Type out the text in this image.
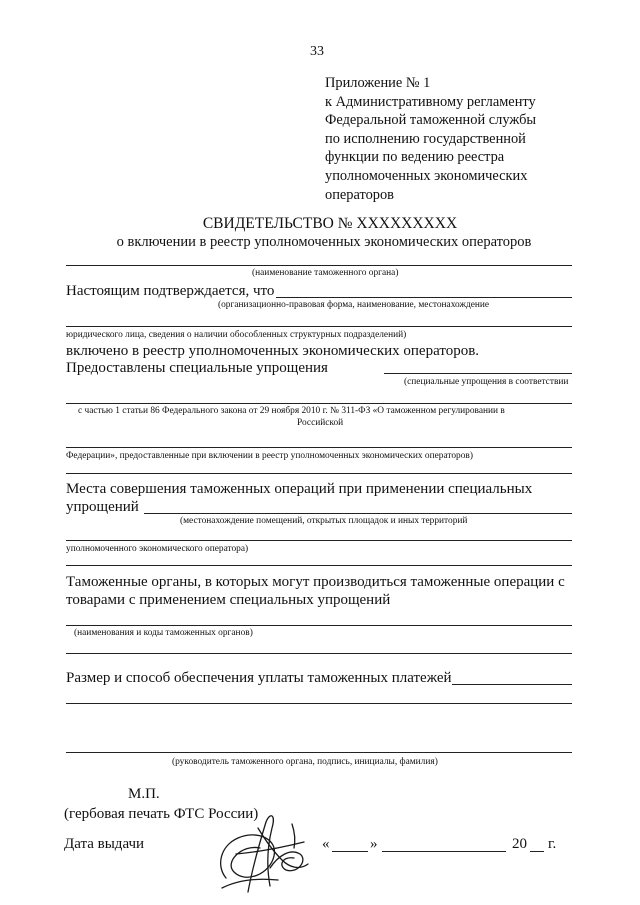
33
Приложение № 1
к Административному регламенту
Федеральной таможенной службы
по исполнению государственной
функции по ведению реестра
уполномоченных экономических
операторов
СВИДЕТЕЛЬСТВО № XXXXXXXXX
о включении в реестр уполномоченных экономических операторов
(наименование таможенного органа)
Настоящим подтверждается, что
(организационно-правовая форма, наименование, местонахождение
юридического лица, сведения о наличии обособленных структурных подразделений)
включено в реестр уполномоченных экономических операторов.
Предоставлены специальные упрощения
(специальные упрощения в соответствии
с частью 1 статьи 86 Федерального закона от 29 ноября 2010 г. № 311-ФЗ «О таможенном регулировании в
Российской
Федерации», предоставленные при включении в реестр уполномоченных экономических операторов)
Места совершения таможенных операций при применении специальных
упрощений
(местонахождение помещений, открытых площадок и иных территорий
уполномоченного экономического оператора)
Таможенные органы, в которых могут производиться таможенные операции с
товарами с применением специальных упрощений
(наименования и коды таможенных органов)
Размер и способ обеспечения уплаты таможенных платежей
(руководитель таможенного органа, подпись, инициалы, фамилия)
М.П.
(гербовая печать ФТС России)
Дата выдачи	«	»	20 г.
